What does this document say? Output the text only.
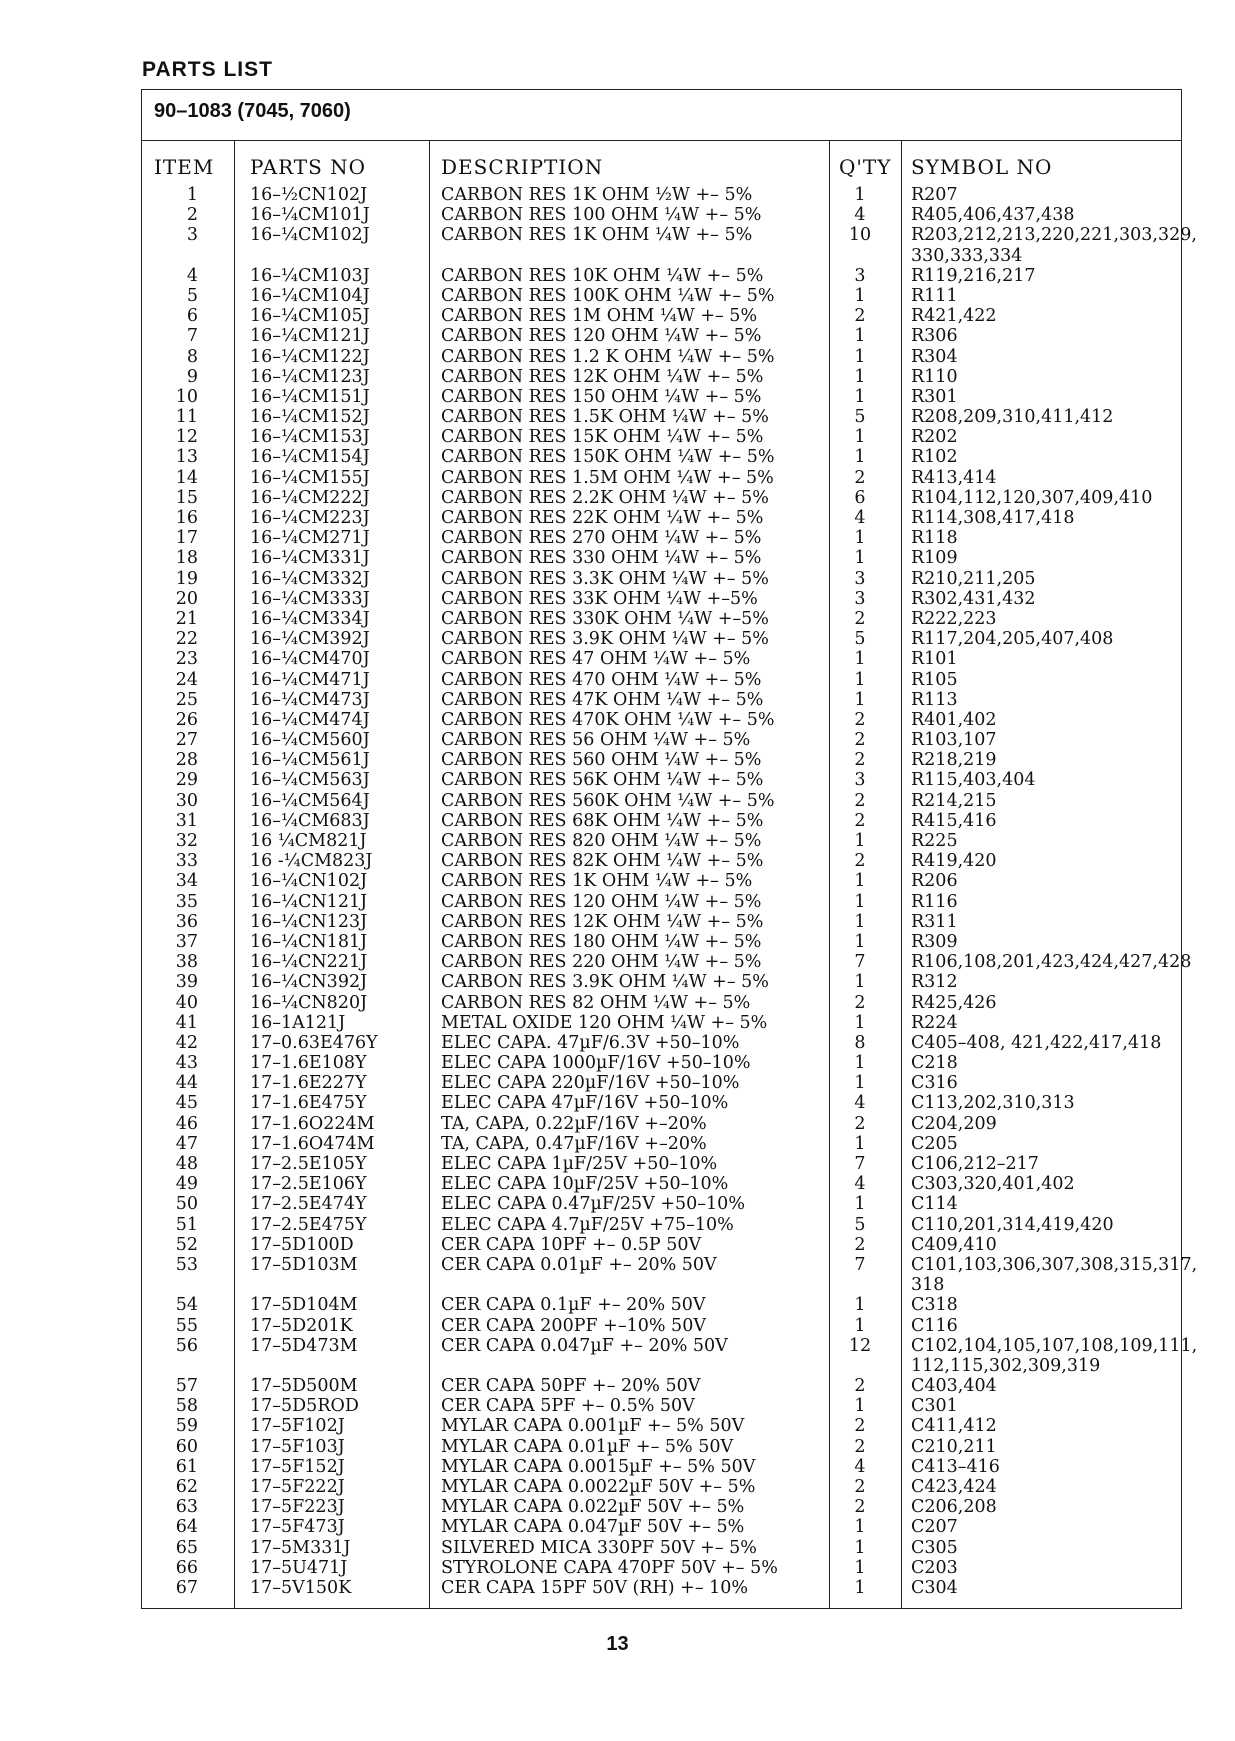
PARTS LIST
90–1083 (7045, 7060)
ITEM PARTS NO	DESCRIPTION	Q'TY SYMBOL NO
1	16–½CN102J	CARBON RES 1K OHM ½W +– 5%	1	R207
2	16–¼CM101J	CARBON RES 100 OHM ¼W +– 5%	4	R405,406,437,438
3	16–¼CM102J	CARBON RES 1K OHM ¼W +– 5%	10 R203,212,213,220,221,303,329,
330,333,334
4	16–¼CM103J	CARBON RES 10K OHM ¼W +– 5%	3	R119,216,217
5	16–¼CM104J	CARBON RES 100K OHM ¼W +– 5%	1	R111
6	16–¼CM105J	CARBON RES 1M OHM ¼W +– 5%	2	R421,422
7	16–¼CM121J	CARBON RES 120 OHM ¼W +– 5%	1	R306
8	16–¼CM122J	CARBON RES 1.2 K OHM ¼W +– 5%	1	R304
9	16–¼CM123J	CARBON RES 12K OHM ¼W +– 5%	1	R110
10	16–¼CM151J	CARBON RES 150 OHM ¼W +– 5%	1	R301
11	16–¼CM152J	CARBON RES 1.5K OHM ¼W +– 5%	5	R208,209,310,411,412
12	16–¼CM153J	CARBON RES 15K OHM ¼W +– 5%	1	R202
13	16–¼CM154J	CARBON RES 150K OHM ¼W +– 5%	1	R102
14	16–¼CM155J	CARBON RES 1.5M OHM ¼W +– 5%	2	R413,414
15	16–¼CM222J	CARBON RES 2.2K OHM ¼W +– 5%	6	R104,112,120,307,409,410
16	16–¼CM223J	CARBON RES 22K OHM ¼W +– 5%	4	R114,308,417,418
17	16–¼CM271J	CARBON RES 270 OHM ¼W +– 5%	1	R118
18	16–¼CM331J	CARBON RES 330 OHM ¼W +– 5%	1	R109
19	16–¼CM332J	CARBON RES 3.3K OHM ¼W +– 5%	3	R210,211,205
20	16–¼CM333J	CARBON RES 33K OHM ¼W +–5%	3	R302,431,432
21	16–¼CM334J	CARBON RES 330K OHM ¼W +–5%	2	R222,223
22	16–¼CM392J	CARBON RES 3.9K OHM ¼W +– 5%	5	R117,204,205,407,408
23	16–¼CM470J	CARBON RES 47 OHM ¼W +– 5%	1	R101
24	16–¼CM471J	CARBON RES 470 OHM ¼W +– 5%	1	R105
25	16–¼CM473J	CARBON RES 47K OHM ¼W +– 5%	1	R113
26	16–¼CM474J	CARBON RES 470K OHM ¼W +– 5%	2	R401,402
27	16–¼CM560J	CARBON RES 56 OHM ¼W +– 5%	2	R103,107
28	16–¼CM561J	CARBON RES 560 OHM ¼W +– 5%	2	R218,219
29	16–¼CM563J	CARBON RES 56K OHM ¼W +– 5%	3	R115,403,404
30	16–¼CM564J	CARBON RES 560K OHM ¼W +– 5%	2	R214,215
31	16–¼CM683J	CARBON RES 68K OHM ¼W +– 5%	2	R415,416
32	16 ¼CM821J	CARBON RES 820 OHM ¼W +– 5%	1	R225
33	16 -¼CM823J	CARBON RES 82K OHM ¼W +– 5%	2	R419,420
34	16–¼CN102J	CARBON RES 1K OHM ¼W +– 5%	1	R206
35	16–¼CN121J	CARBON RES 120 OHM ¼W +– 5%	1	R116
36	16–¼CN123J	CARBON RES 12K OHM ¼W +– 5%	1	R311
37	16–¼CN181J	CARBON RES 180 OHM ¼W +– 5%	1	R309
38	16–¼CN221J	CARBON RES 220 OHM ¼W +– 5%	7	R106,108,201,423,424,427,428
39	16–¼CN392J	CARBON RES 3.9K OHM ¼W +– 5%	1	R312
40	16–¼CN820J	CARBON RES 82 OHM ¼W +– 5%	2	R425,426
41	16–1A121J	METAL OXIDE 120 OHM ¼W +– 5%	1	R224
42	17–0.63E476Y	ELEC CAPA. 47µF/6.3V +50–10%	8	C405–408, 421,422,417,418
43	17–1.6E108Y	ELEC CAPA 1000µF/16V +50–10%	1	C218
44	17–1.6E227Y	ELEC CAPA 220µF/16V +50–10%	1	C316
45	17–1.6E475Y	ELEC CAPA 47µF/16V +50–10%	4	C113,202,310,313
46	17–1.6O224M	TA, CAPA, 0.22µF/16V +–20%	2	C204,209
47	17–1.6O474M	TA, CAPA, 0.47µF/16V +–20%	1	C205
48	17–2.5E105Y	ELEC CAPA 1µF/25V +50–10%	7	C106,212–217
49	17–2.5E106Y	ELEC CAPA 10µF/25V +50–10%	4	C303,320,401,402
50	17–2.5E474Y	ELEC CAPA 0.47µF/25V +50–10%	1	C114
51	17–2.5E475Y	ELEC CAPA 4.7µF/25V +75–10%	5	C110,201,314,419,420
52	17–5D100D	CER CAPA 10PF +– 0.5P 50V	2	C409,410
53	17–5D103M	CER CAPA 0.01µF +– 20% 50V	7	C101,103,306,307,308,315,317,
318
54	17–5D104M	CER CAPA 0.1µF +– 20% 50V	1	C318
55	17–5D201K	CER CAPA 200PF +–10% 50V	1	C116
56	17–5D473M	CER CAPA 0.047µF +– 20% 50V	12 C102,104,105,107,108,109,111,
112,115,302,309,319
57	17–5D500M	CER CAPA 50PF +– 20% 50V	2	C403,404
58	17–5D5ROD	CER CAPA 5PF +– 0.5% 50V	1	C301
59	17–5F102J	MYLAR CAPA 0.001µF +– 5% 50V	2	C411,412
60	17–5F103J	MYLAR CAPA 0.01µF +– 5% 50V	2	C210,211
61	17–5F152J	MYLAR CAPA 0.0015µF +– 5% 50V	4	C413–416
62	17–5F222J	MYLAR CAPA 0.0022µF 50V +– 5%	2	C423,424
63	17–5F223J	MYLAR CAPA 0.022µF 50V +– 5%	2	C206,208
64	17–5F473J	MYLAR CAPA 0.047µF 50V +– 5%	1	C207
65	17–5M331J	SILVERED MICA 330PF 50V +– 5%	1	C305
66	17–5U471J	STYROLONE CAPA 470PF 50V +– 5%	1	C203
67	17–5V150K	CER CAPA 15PF 50V (RH) +– 10%	1	C304
13
